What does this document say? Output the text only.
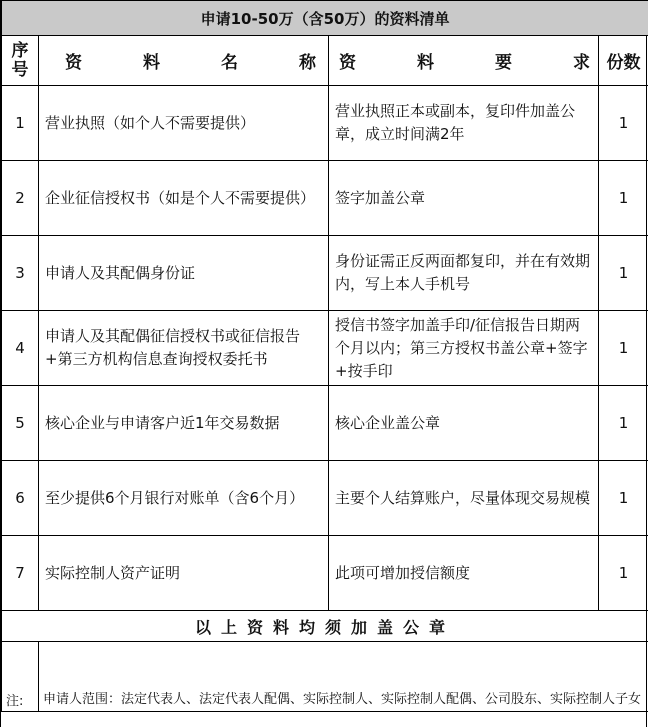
申请10-50万（含50万）的资料清单			
序号	资 料 名 称	资 料 要 求	份数
1	营业执照（如个人不需要提供）	营业执照正本或副本，复印件加盖公章，成立时间满2年	1
2	企业征信授权书（如是个人不需要提供）	签字加盖公章	1
3	申请人及其配偶身份证	身份证需正反两面都复印，并在有效期内，写上本人手机号	1
4	申请人及其配偶征信授权书或征信报告+第三方机构信息查询授权委托书	授信书签字加盖手印/征信报告日期两个月以内；第三方授权书盖公章+签字+按手印	1
5	核心企业与申请客户近1年交易数据	核心企业盖公章	1
6	至少提供6个月银行对账单（含6个月）	主要个人结算账户，尽量体现交易规模	1
7	实际控制人资产证明	此项可增加授信额度	1
以上资料均须加盖公章			
注:	申请人范围：法定代表人、法定代表人配偶、实际控制人、实际控制人配偶、公司股东、实际控制人子女		
